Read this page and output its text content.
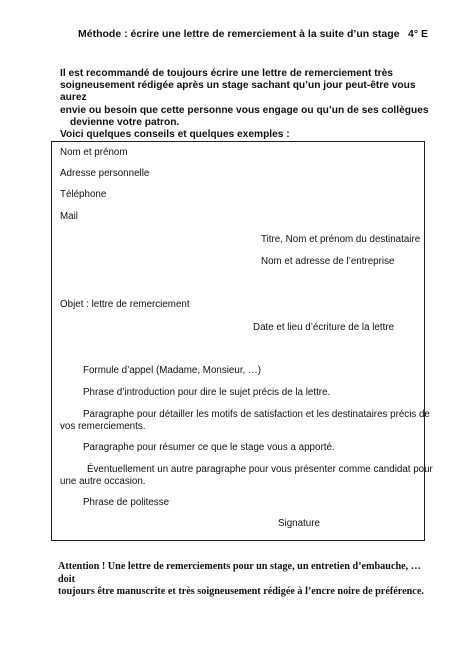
Méthode : écrire une lettre de remerciement à la suite d’un stage 4° E

Il est recommandé de toujours écrire une lettre de remerciement très

soigneusement rédigée après un stage sachant qu’un jour peut-être vous aurez

envie ou besoin que cette personne vous engage ou qu’un de ses collègues

devienne votre patron.

Voici quelques conseils et quelques exemples :

Nom et prénom
Adresse personnelle
Téléphone
Mail
Titre, Nom et prénom du destinataire
Nom et adresse de l’entreprise
Objet : lettre de remerciement
Date et lieu d’écriture de la lettre
Formule d’appel (Madame, Monsieur, …)
Phrase d’introduction pour dire le sujet précis de la lettre.
Paragraphe pour détailler les motifs de satisfaction et les destinataires précis de
vos remerciements.
Paragraphe pour résumer ce que le stage vous a apporté.
Éventuellement un autre paragraphe pour vous présenter comme candidat pour
une autre occasion.
Phrase de politesse
Signature
Attention ! Une lettre de remerciements pour un stage, un entretien d’embauche, … doit
toujours être manuscrite et très soigneusement rédigée à l’encre noire de préférence.
